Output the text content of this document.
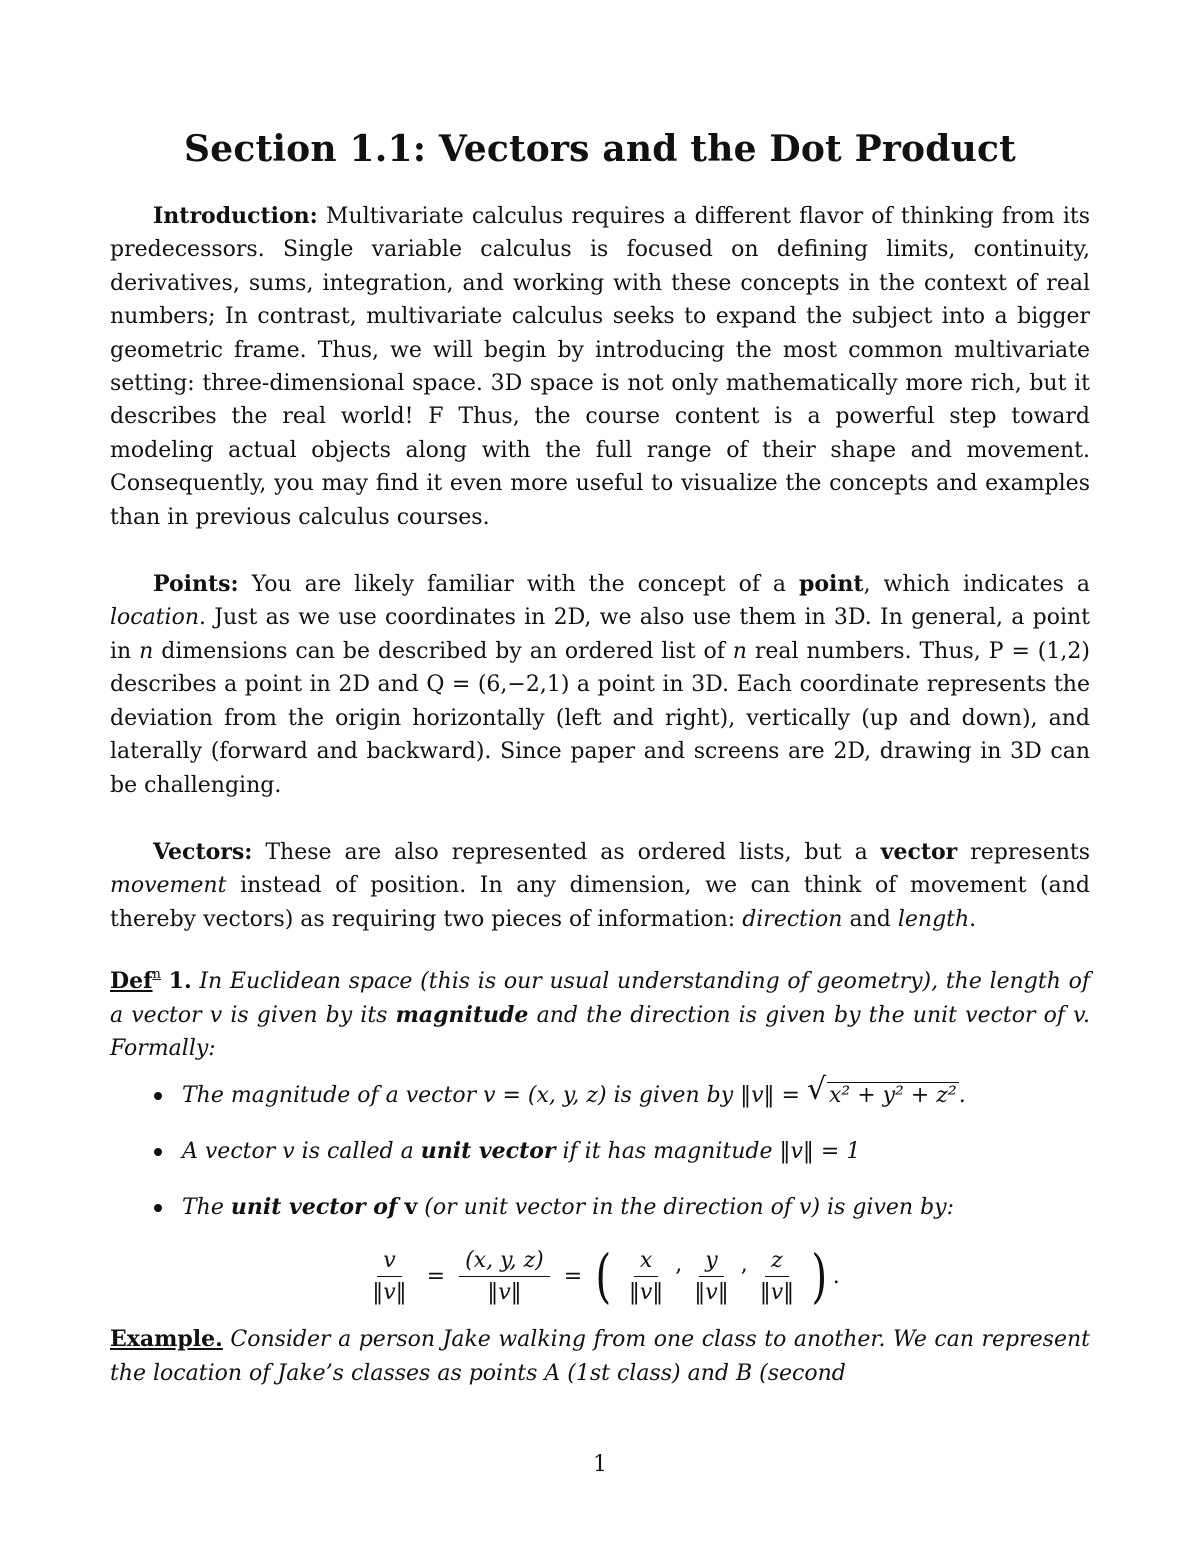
Section 1.1: Vectors and the Dot Product

Introduction: Multivariate calculus requires a different flavor of thinking from its predecessors. Single variable calculus is focused on defining limits, continuity, derivatives, sums, integration, and working with these concepts in the context of real numbers; In contrast, multivariate calculus seeks to expand the subject into a bigger geometric frame. Thus, we will begin by introducing the most common multivariate setting: three-dimensional space. 3D space is not only mathematically more rich, but it describes the real world! F Thus, the course content is a powerful step toward modeling actual objects along with the full range of their shape and movement. Consequently, you may find it even more useful to visualize the concepts and examples than in previous calculus courses.

Points: You are likely familiar with the concept of a point, which indicates a location. Just as we use coordinates in 2D, we also use them in 3D. In general, a point in n dimensions can be described by an ordered list of n real numbers. Thus, P = (1,2) describes a point in 2D and Q = (6,−2,1) a point in 3D. Each coordinate represents the deviation from the origin horizontally (left and right), vertically (up and down), and laterally (forward and backward). Since paper and screens are 2D, drawing in 3D can be challenging.

Vectors: These are also represented as ordered lists, but a vector represents movement instead of position. In any dimension, we can think of movement (and thereby vectors) as requiring two pieces of information: direction and length.

Def$^n$ 1. In Euclidean space (this is our usual understanding of geometry), the length of a vector v is given by its magnitude and the direction is given by the unit vector of v. Formally:

The magnitude of a vector v = (x, y, z) is given by ‖v‖ = √ x² + y² + z².
A vector v is called a unit vector if it has magnitude ‖v‖ = 1
The unit vector of v (or unit vector in the direction of v) is given by:
$\frac{v}{‖v‖} = \frac{(x, y, z)}{‖v‖}$ = ( $\frac{x}{‖v‖}$ , $\frac{y}{‖v‖}$ , $\frac{z}{‖v‖}$ ) .

Example. Consider a person Jake walking from one class to another. We can represent the location of Jake’s classes as points A (1st class) and B (second

1
